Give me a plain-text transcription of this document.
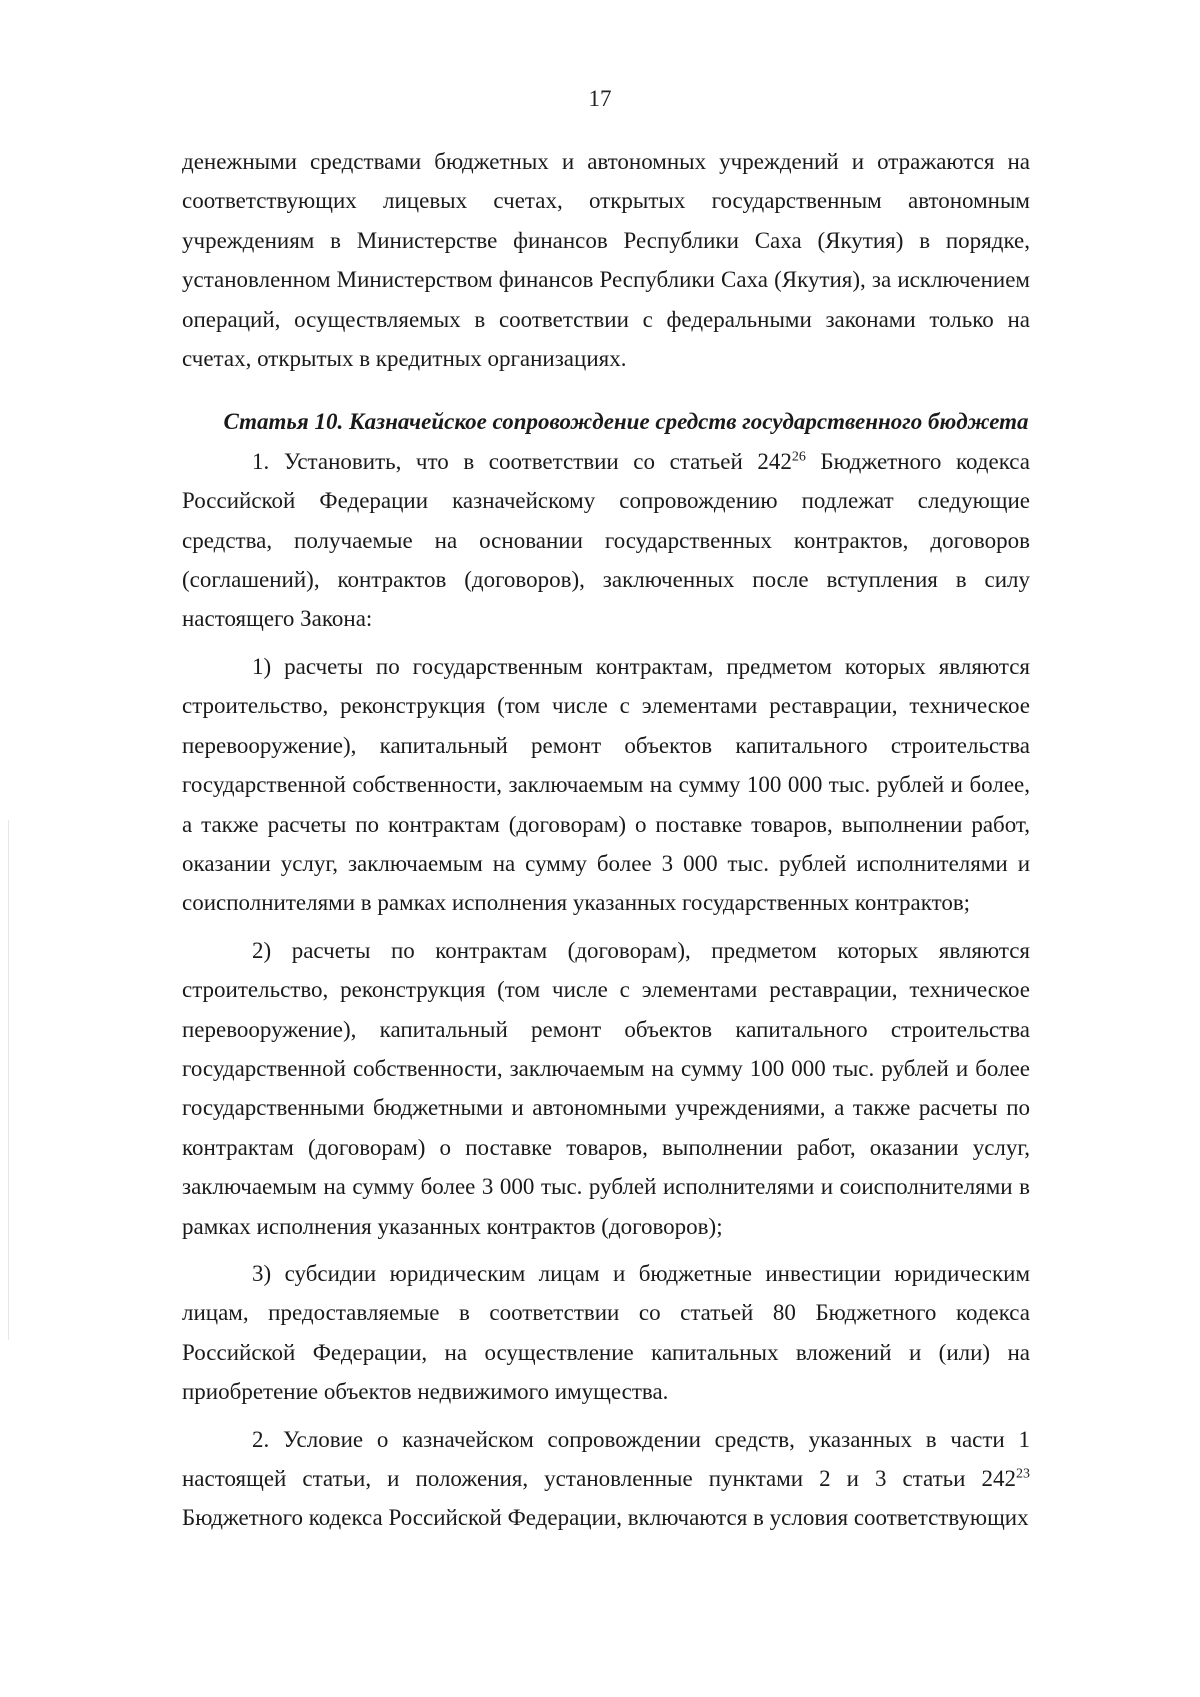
17

денежными средствами бюджетных и автономных учреждений и отражаются на соответствующих лицевых счетах, открытых государственным автономным учреждениям в Министерстве финансов Республики Саха (Якутия) в порядке, установленном Министерством финансов Республики Саха (Якутия), за исключением операций, осуществляемых в соответствии с федеральными законами только на счетах, открытых в кредитных организациях.

Статья 10. Казначейское сопровождение средств государственного бюджета

1. Установить, что в соответствии со статьей $242^{26}$ Бюджетного кодекса Российской Федерации казначейскому сопровождению подлежат следующие средства, получаемые на основании государственных контрактов, договоров (соглашений), контрактов (договоров), заключенных после вступления в силу настоящего Закона:

1) расчеты по государственным контрактам, предметом которых являются строительство, реконструкция (том числе с элементами реставрации, техническое перевооружение), капитальный ремонт объектов капитального строительства государственной собственности, заключаемым на сумму 100 000 тыс. рублей и более, а также расчеты по контрактам (договорам) о поставке товаров, выполнении работ, оказании услуг, заключаемым на сумму более 3 000 тыс. рублей исполнителями и соисполнителями в рамках исполнения указанных государственных контрактов;

2) расчеты по контрактам (договорам), предметом которых являются строительство, реконструкция (том числе с элементами реставрации, техническое перевооружение), капитальный ремонт объектов капитального строительства государственной собственности, заключаемым на сумму 100 000 тыс. рублей и более государственными бюджетными и автономными учреждениями, а также расчеты по контрактам (договорам) о поставке товаров, выполнении работ, оказании услуг, заключаемым на сумму более 3 000 тыс. рублей исполнителями и соисполнителями в рамках исполнения указанных контрактов (договоров);

3) субсидии юридическим лицам и бюджетные инвестиции юридическим лицам, предоставляемые в соответствии со статьей 80 Бюджетного кодекса Российской Федерации, на осуществление капитальных вложений и (или) на приобретение объектов недвижимого имущества.

2. Условие о казначейском сопровождении средств, указанных в части 1 настоящей статьи, и положения, установленные пунктами 2 и 3 статьи $242^{23}$ Бюджетного кодекса Российской Федерации, включаются в условия соответствующих
